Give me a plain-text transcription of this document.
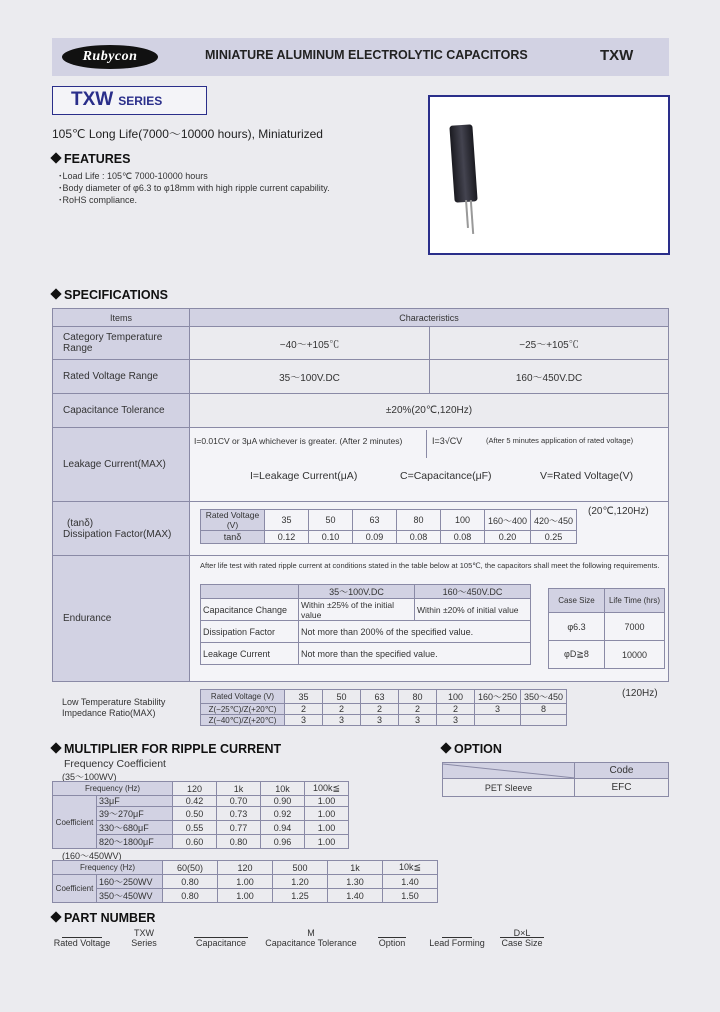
Rubycon	MINIATURE ALUMINUM ELECTROLYTIC CAPACITORS	TXW
TXW SERIES
105℃ Long Life(7000～10000 hours), Miniaturized
FEATURES
･Load Life : 105℃ 7000-10000 hours
･Body diameter of φ6.3 to φ18mm with high ripple current capability.
･RoHS compliance.
SPECIFICATIONS
Items	Characteristics
Category Temperature Range	−40～+105℃	−25～+105℃
Rated Voltage Range	35～100V.DC	160～450V.DC
Capacitance Tolerance	±20%(20℃,120Hz)
Leakage Current(MAX)	
I=0.01CV or 3μA whichever is greater. (After 2 minutes)	I=3√CV	(After 5 minutes application of rated voltage)
I=Leakage Current(μA)	C=Capacitance(μF)	V=Rated Voltage(V)

(tanδ)
Dissipation Factor(MAX)

Rated Voltage (V)	35	50	63	80	100	160～400	420～450
tanδ	0.12	0.10	0.09	0.08	0.08	0.20	0.25
(20℃,120Hz)

Endurance	
After life test with rated ripple current at conditions stated in the table below at 105℃, the capacitors shall meet the following requirements.
	35～100V.DC	160～450V.DC
Capacitance Change	Within ±25% of the initial value	Within ±20% of initial value
Dissipation Factor	Not more than 200% of the specified value.
Leakage Current	Not more than the specified value.
Case Size	Life Time (hrs)
φ6.3	7000
φD≧8	10000
Low Temperature Stability
Impedance Ratio(MAX)
Rated Voltage (V)	35	50	63	80	100	160～250	350～450
Z(−25℃)/Z(+20℃)	2	2	2	2	2	3	8
Z(−40℃)/Z(+20℃)	3	3	3	3	3		
(120Hz)
MULTIPLIER FOR RIPPLE CURRENT
Frequency Coefficient
(35～100WV)
Frequency (Hz)		120	1k	10k	100k≦
Coefficient	33μF	0.42	0.70	0.90	1.00
	39～270μF	0.50	0.73	0.92	1.00
	330～680μF	0.55	0.77	0.94	1.00
	820～1800μF	0.60	0.80	0.96	1.00
(160～450WV)
Frequency (Hz)		60(50)	120	500	1k	10k≦
Coefficient	160～250WV	0.80	1.00	1.20	1.30	1.40
	350～450WV	0.80	1.00	1.25	1.40	1.50
OPTION
	Code
PET Sleeve	EFC
PART NUMBER
Rated Voltage
TXW
Series	Capacitance
M
Capacitance Tolerance	Option	Lead Forming
D×L
Case Size
